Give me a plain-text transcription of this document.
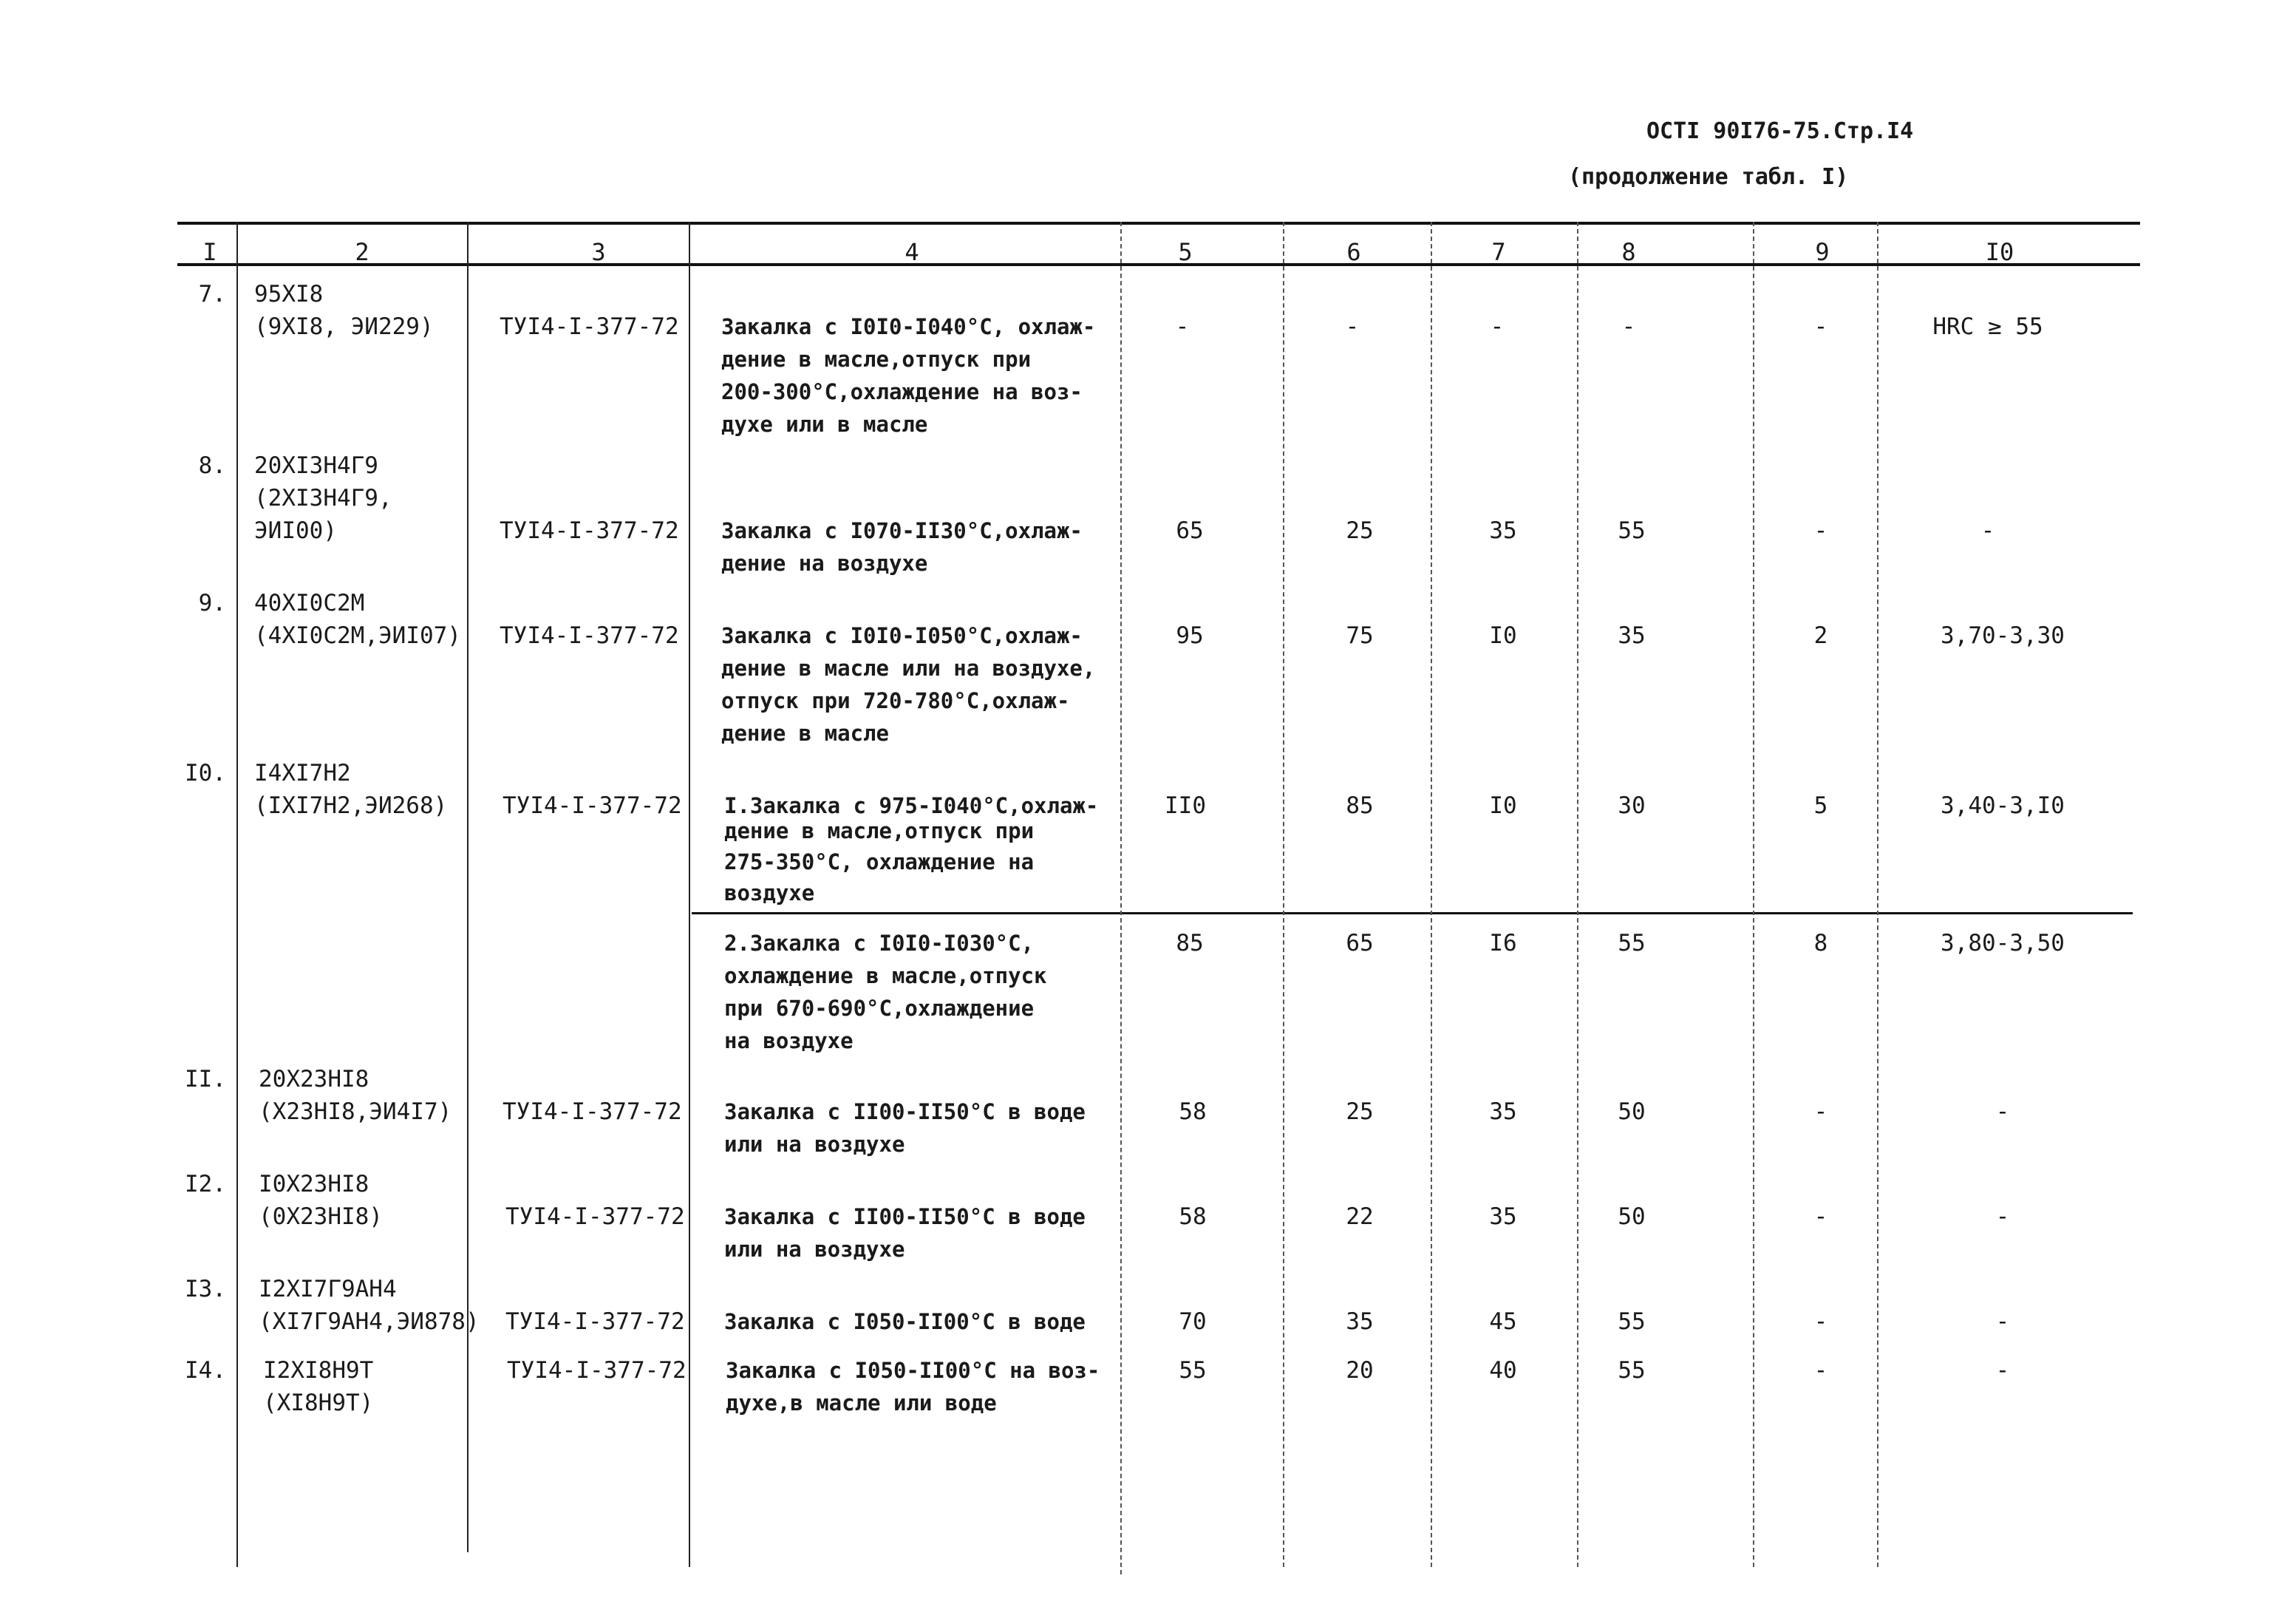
ОСТI 90I76-75.Стр.I4
(продолжение табл. I)
I	2	3	4	5	6	7	8	9	I0
7. 95XI8
(9XI8, ЭИ229)	ТУI4-I-377-72 Закалка с I0I0-I040°C, охлаж-
дение в масле,отпуск при
200-300°C,охлаждение на воз-
духе или в масле
-	-	-	-	-	HRC ≥ 55
8. 20XI3H4Г9
(2XI3H4Г9,
ЭИI00)	ТУI4-I-377-72 Закалка с I070-II30°C,охлаж-
дение на воздухе
65	25	35	55	-	-
9. 40XI0C2M
(4XI0C2M,ЭИI07) ТУI4-I-377-72 Закалка с I0I0-I050°C,охлаж-
дение в масле или на воздухе,
отпуск при 720-780°C,охлаж-
дение в масле
95	75	I0	35	2	3,70-3,30
I0. I4XI7H2
(IXI7H2,ЭИ268) ТУI4-I-377-72 I.Закалка с 975-I040°C,охлаж-
дение в масле,отпуск при
275-350°C, охлаждение на
воздухе
II0	85	I0	30	5	3,40-3,I0
2.Закалка с I0I0-I030°C,
охлаждение в масле,отпуск
при 670-690°C,охлаждение
на воздухе
85	65	I6	55	8	3,80-3,50
II. 20X23HI8
(X23HI8,ЭИ4I7) ТУI4-I-377-72 Закалка с II00-II50°C в воде
или на воздухе
58	25	35	50	-	-
I2. I0X23HI8
(0X23HI8)	ТУI4-I-377-72 Закалка с II00-II50°C в воде
или на воздухе
58	22	35	50	-	-
I3. I2XI7Г9AH4
(XI7Г9AH4,ЭИ878) ТУI4-I-377-72 Закалка с I050-II00°C в воде	70	35	45	55	-	-
I4. I2XI8H9T
(XI8H9T)
ТУI4-I-377-72 Закалка с I050-II00°C на воз-
духе,в масле или воде
55	20	40	55	-	-
